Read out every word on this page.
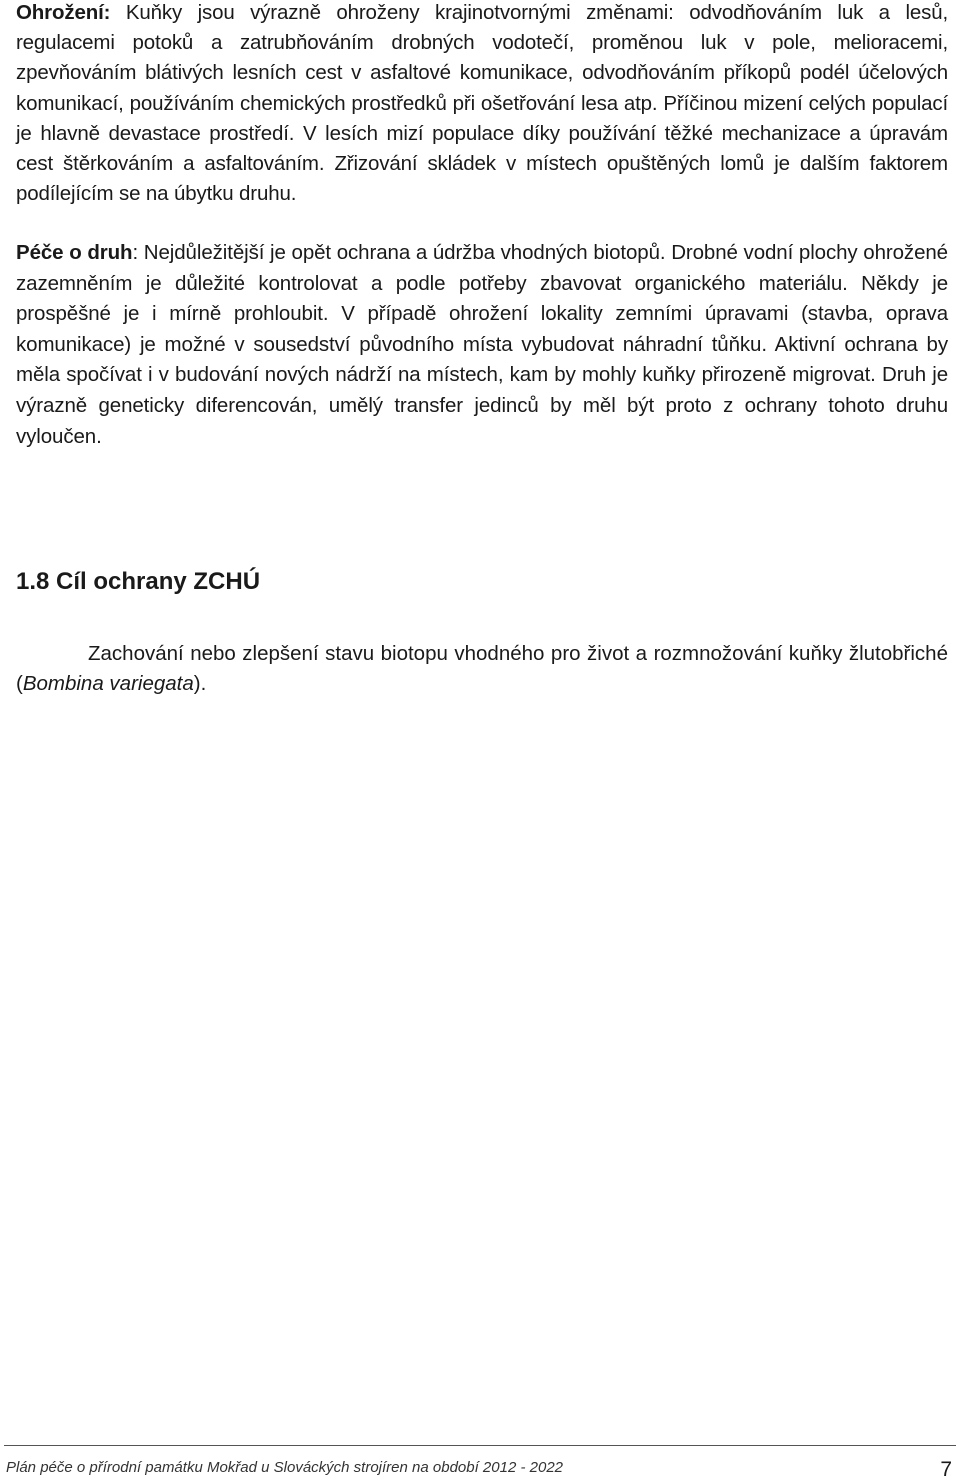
Ohrožení: Kuňky jsou výrazně ohroženy krajinotvornými změnami: odvodňováním luk a lesů, regulacemi potoků a zatrubňováním drobných vodotečí, proměnou luk v pole, melioracemi, zpevňováním blátivých lesních cest v asfaltové komunikace, odvodňováním příkopů podél účelových komunikací, používáním chemických prostředků při ošetřování lesa atp. Příčinou mizení celých populací je hlavně devastace prostředí. V lesích mizí populace díky používání těžké mechanizace a úpravám cest štěrkováním a asfaltováním. Zřizování skládek v místech opuštěných lomů je dalším faktorem podílejícím se na úbytku druhu.

Péče o druh: Nejdůležitější je opět ochrana a údržba vhodných biotopů. Drobné vodní plochy ohrožené zazemněním je důležité kontrolovat a podle potřeby zbavovat organického materiálu. Někdy je prospěšné je i mírně prohloubit. V případě ohrožení lokality zemními úpravami (stavba, oprava komunikace) je možné v sousedství původního místa vybudovat náhradní tůňku. Aktivní ochrana by měla spočívat i v budování nových nádrží na místech, kam by mohly kuňky přirozeně migrovat. Druh je výrazně geneticky diferencován, umělý transfer jedinců by měl být proto z ochrany tohoto druhu vyloučen.

1.8 Cíl ochrany ZCHÚ

Zachování nebo zlepšení stavu biotopu vhodného pro život a rozmnožování kuňky žlutobřiché (Bombina variegata).

Plán péče o přírodní památku Mokřad u Slováckých strojíren na období 2012 - 2022	7
